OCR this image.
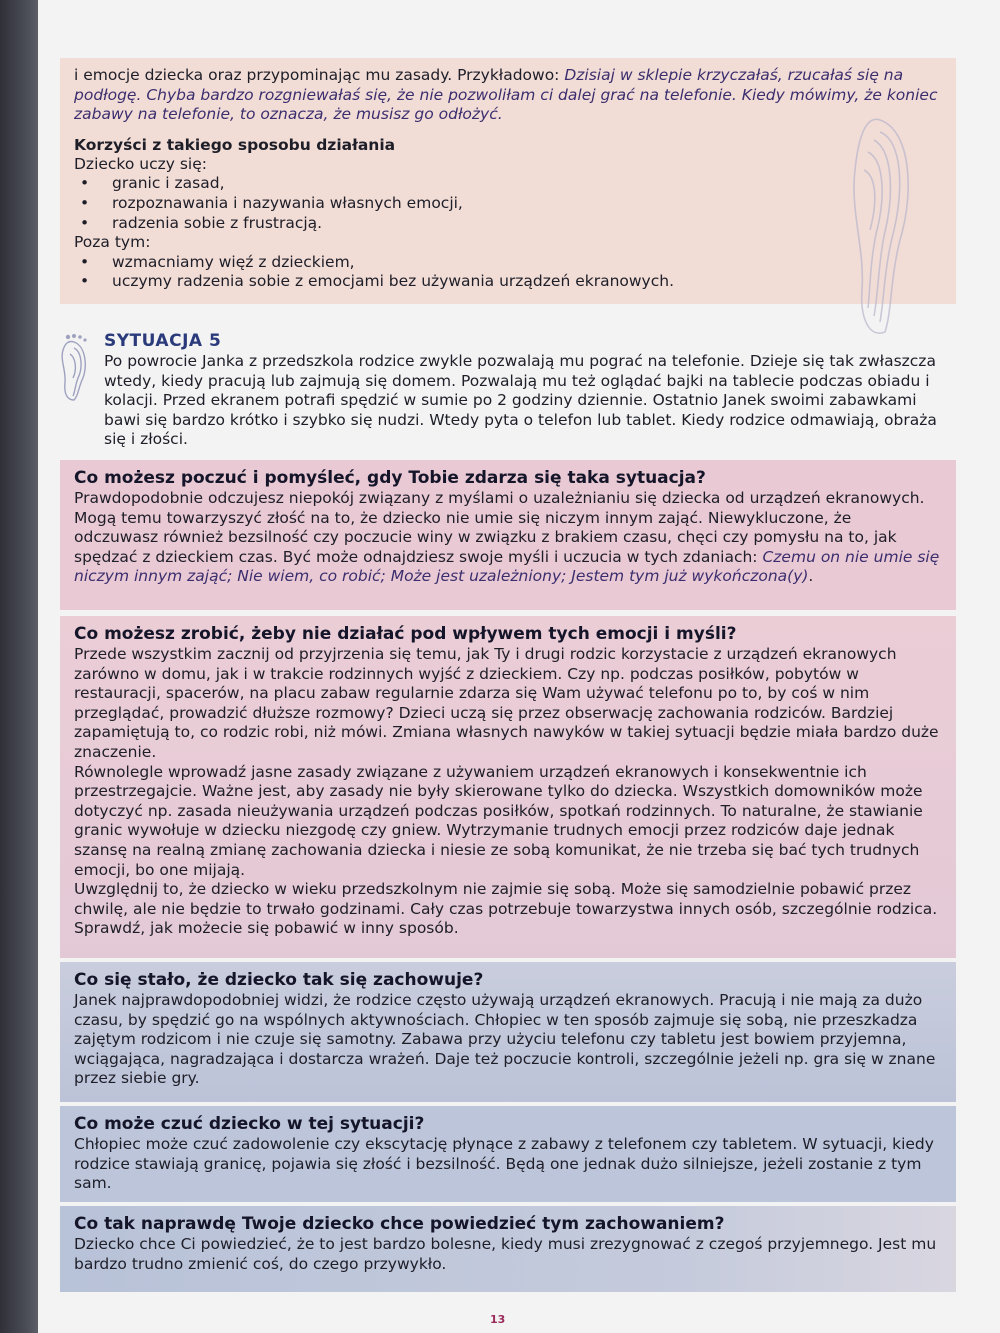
i emocje dziecka oraz przypominając mu zasady. Przykładowo: Dzisiaj w sklepie krzyczałaś, rzucałaś się na podłogę. Chyba bardzo rozgniewałaś się, że nie pozwoliłam ci dalej grać na telefonie. Kiedy mówimy, że koniec zabawy na telefonie, to oznacza, że musisz go odłożyć.

Korzyści z takiego sposobu działania

Dziecko uczy się:

• granic i zasad,
• rozpoznawania i nazywania własnych emocji,
• radzenia sobie z frustracją.

Poza tym:

• wzmacniamy więź z dzieckiem,
• uczymy radzenia sobie z emocjami bez używania urządzeń ekranowych.
SYTUACJA 5

Po powrocie Janka z przedszkola rodzice zwykle pozwalają mu pograć na telefonie. Dzieje się tak zwłaszcza wtedy, kiedy pracują lub zajmują się domem. Pozwalają mu też oglądać bajki na tablecie podczas obiadu i kolacji. Przed ekranem potrafi spędzić w sumie po 2 godziny dziennie. Ostatnio Janek swoimi zabawkami bawi się bardzo krótko i szybko się nudzi. Wtedy pyta o telefon lub tablet. Kiedy rodzice odmawiają, obraża się i złości.

Co możesz poczuć i pomyśleć, gdy Tobie zdarza się taka sytuacja?

Prawdopodobnie odczujesz niepokój związany z myślami o uzależnianiu się dziecka od urządzeń ekranowych. Mogą temu towarzyszyć złość na to, że dziecko nie umie się niczym innym zająć. Niewykluczone, że odczuwasz również bezsilność czy poczucie winy w związku z brakiem czasu, chęci czy pomysłu na to, jak spędzać z dzieckiem czas. Być może odnajdziesz swoje myśli i uczucia w tych zdaniach: Czemu on nie umie się niczym innym zająć; Nie wiem, co robić; Może jest uzależniony; Jestem tym już wykończona(y).

Co możesz zrobić, żeby nie działać pod wpływem tych emocji i myśli?

Przede wszystkim zacznij od przyjrzenia się temu, jak Ty i drugi rodzic korzystacie z urządzeń ekranowych zarówno w domu, jak i w trakcie rodzinnych wyjść z dzieckiem. Czy np. podczas posiłków, pobytów w restauracji, spacerów, na placu zabaw regularnie zdarza się Wam używać telefonu po to, by coś w nim przeglądać, prowadzić dłuższe rozmowy? Dzieci uczą się przez obserwację zachowania rodziców. Bardziej zapamiętują to, co rodzic robi, niż mówi. Zmiana własnych nawyków w takiej sytuacji będzie miała bardzo duże znaczenie.

Równolegle wprowadź jasne zasady związane z używaniem urządzeń ekranowych i konsekwentnie ich przestrzegajcie. Ważne jest, aby zasady nie były skierowane tylko do dziecka. Wszystkich domowników może dotyczyć np. zasada nieużywania urządzeń podczas posiłków, spotkań rodzinnych. To naturalne, że stawianie granic wywołuje w dziecku niezgodę czy gniew. Wytrzymanie trudnych emocji przez rodziców daje jednak szansę na realną zmianę zachowania dziecka i niesie ze sobą komunikat, że nie trzeba się bać tych trudnych emocji, bo one mijają.

Uwzględnij to, że dziecko w wieku przedszkolnym nie zajmie się sobą. Może się samodzielnie pobawić przez chwilę, ale nie będzie to trwało godzinami. Cały czas potrzebuje towarzystwa innych osób, szczególnie rodzica. Sprawdź, jak możecie się pobawić w inny sposób.

Co się stało, że dziecko tak się zachowuje?

Janek najprawdopodobniej widzi, że rodzice często używają urządzeń ekranowych. Pracują i nie mają za dużo czasu, by spędzić go na wspólnych aktywnościach. Chłopiec w ten sposób zajmuje się sobą, nie przeszkadza zajętym rodzicom i nie czuje się samotny. Zabawa przy użyciu telefonu czy tabletu jest bowiem przyjemna, wciągająca, nagradzająca i dostarcza wrażeń. Daje też poczucie kontroli, szczególnie jeżeli np. gra się w znane przez siebie gry.

Co może czuć dziecko w tej sytuacji?

Chłopiec może czuć zadowolenie czy ekscytację płynące z zabawy z telefonem czy tabletem. W sytuacji, kiedy rodzice stawiają granicę, pojawia się złość i bezsilność. Będą one jednak dużo silniejsze, jeżeli zostanie z tym sam.

Co tak naprawdę Twoje dziecko chce powiedzieć tym zachowaniem?

Dziecko chce Ci powiedzieć, że to jest bardzo bolesne, kiedy musi zrezygnować z czegoś przyjemnego. Jest mu bardzo trudno zmienić coś, do czego przywykło.

13
